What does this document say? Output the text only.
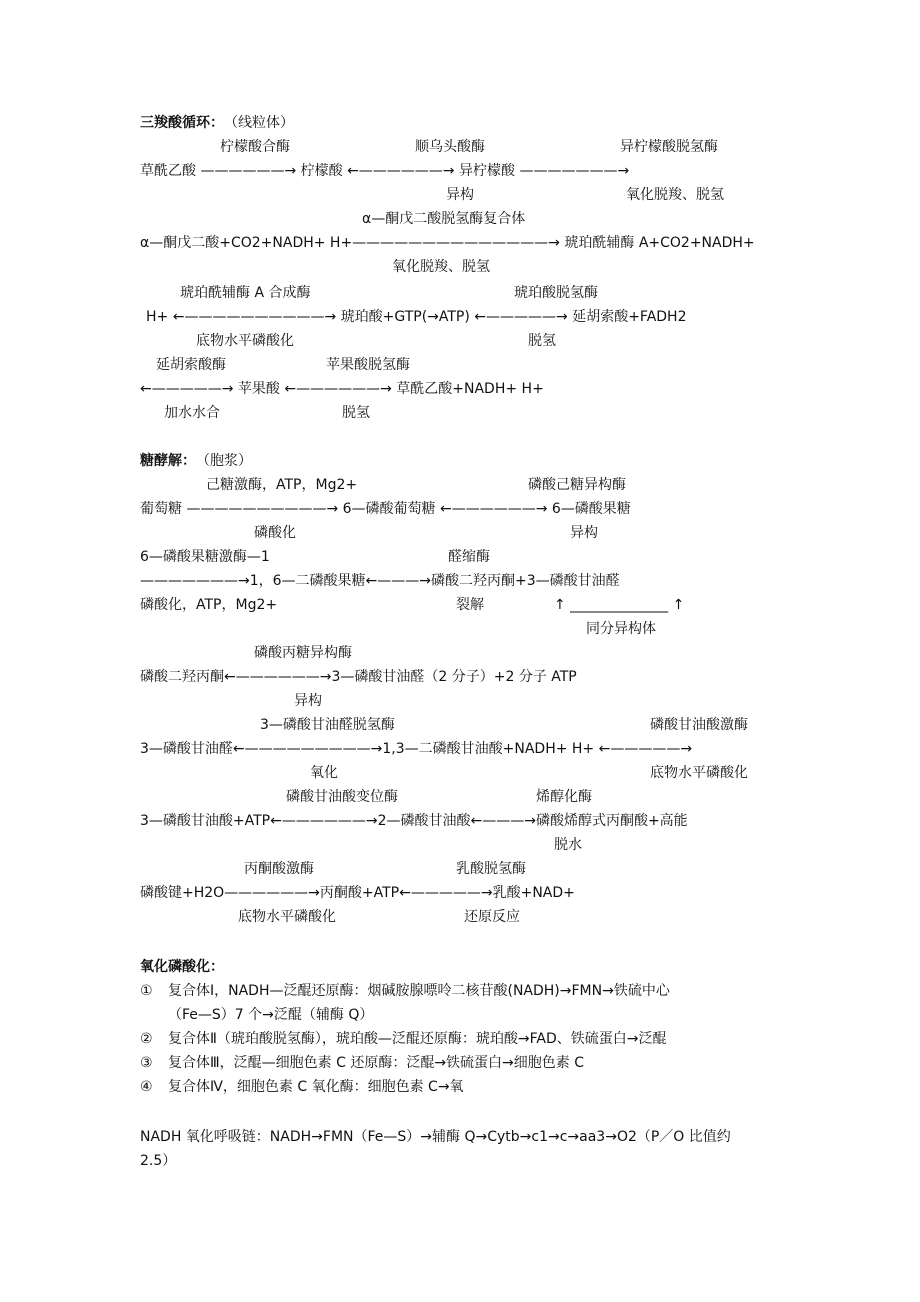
三羧酸循环： （线粒体）
柠檬酸合酶	顺乌头酸酶	异柠檬酸脱氢酶
草酰乙酸 ——————→ 柠檬酸 ←——————→ 异柠檬酸 ———————→
异构	氧化脱羧、脱氢
α—酮戊二酸脱氢酶复合体
α—酮戊二酸+CO2+NADH+ H+——————————————→ 琥珀酰辅酶 A+CO2+NADH+
氧化脱羧、脱氢
琥珀酰辅酶 A 合成酶	琥珀酸脱氢酶
H+ ←——————————→ 琥珀酸+GTP(→ATP) ←—————→ 延胡索酸+FADH2
底物水平磷酸化	脱氢
延胡索酸酶	苹果酸脱氢酶
←—————→ 苹果酸 ←——————→ 草酰乙酸+NADH+ H+
加水水合	脱氢
糖酵解： （胞浆）
己糖激酶，ATP，Mg2+	磷酸己糖异构酶
葡萄糖 ——————————→ 6—磷酸葡萄糖 ←——————→ 6—磷酸果糖
磷酸化	异构
6—磷酸果糖激酶—1	醛缩酶
———————→1，6—二磷酸果糖←———→磷酸二羟丙酮+3—磷酸甘油醛
磷酸化，ATP，Mg2+	裂解	↑ ______________ ↑
同分异构体
磷酸丙糖异构酶
磷酸二羟丙酮←——————→3—磷酸甘油醛（2 分子）+2 分子 ATP
异构
3—磷酸甘油醛脱氢酶	磷酸甘油酸激酶
3—磷酸甘油醛←—————————→1,3—二磷酸甘油酸+NADH+ H+ ←—————→
氧化	底物水平磷酸化
磷酸甘油酸变位酶	烯醇化酶
3—磷酸甘油酸+ATP←——————→2—磷酸甘油酸←———→磷酸烯醇式丙酮酸+高能
脱水
丙酮酸激酶	乳酸脱氢酶
磷酸键+H2O——————→丙酮酸+ATP←—————→乳酸+NAD+
底物水平磷酸化	还原反应
氧化磷酸化：
① 复合体Ⅰ，NADH—泛醌还原酶：烟碱胺腺嘌呤二核苷酸(NADH)→FMN→铁硫中心
（Fe—S）7 个→泛醌（辅酶 Q）
② 复合体Ⅱ（琥珀酸脱氢酶），琥珀酸—泛醌还原酶：琥珀酸→FAD、铁硫蛋白→泛醌
③ 复合体Ⅲ，泛醌—细胞色素 C 还原酶：泛醌→铁硫蛋白→细胞色素 C
④ 复合体Ⅳ，细胞色素 C 氧化酶：细胞色素 C→氧
NADH 氧化呼吸链：NADH→FMN（Fe—S）→辅酶 Q→Cytb→c1→c→aa3→O2（P／O 比值约
2.5）
